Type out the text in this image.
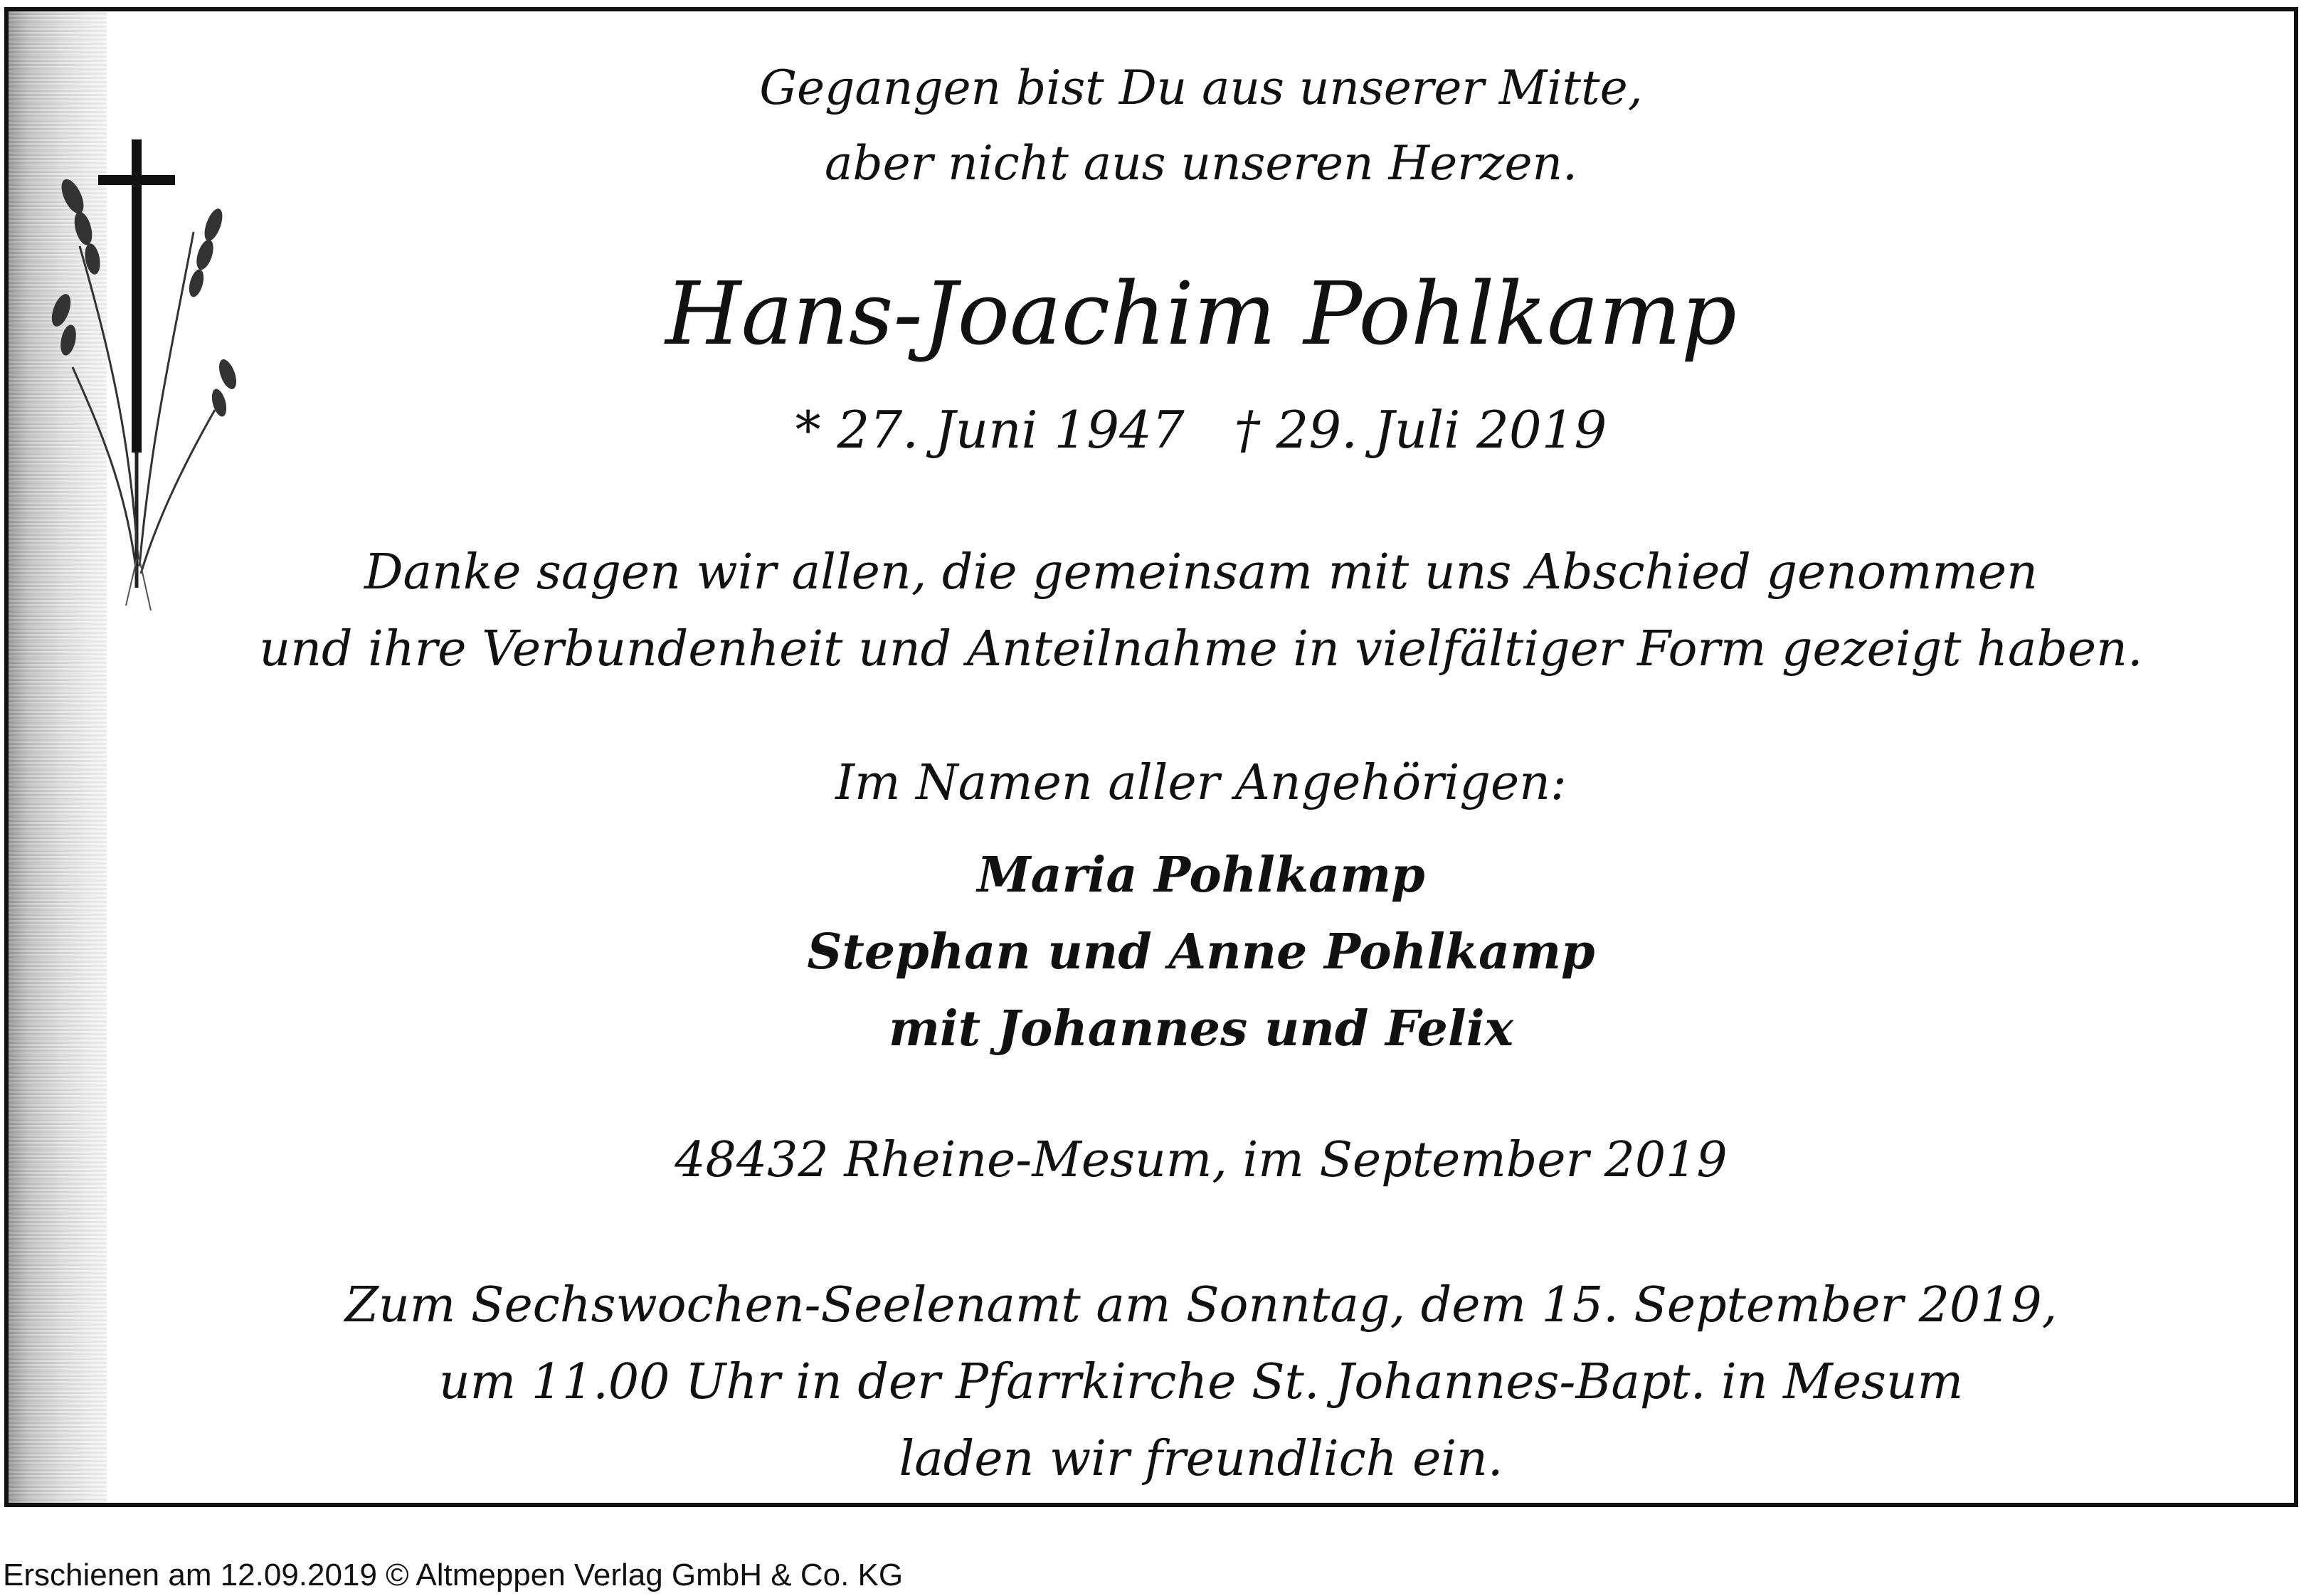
Gegangen bist Du aus unserer Mitte,
aber nicht aus unseren Herzen.
Hans-Joachim Pohlkamp
* 27. Juni 1947 † 29. Juli 2019
Danke sagen wir allen, die gemeinsam mit uns Abschied genommen
und ihre Verbundenheit und Anteilnahme in vielfältiger Form gezeigt haben.
Im Namen aller Angehörigen:
Maria Pohlkamp
Stephan und Anne Pohlkamp
mit Johannes und Felix
48432 Rheine-Mesum, im September 2019
Zum Sechswochen-Seelenamt am Sonntag, dem 15. September 2019,
um 11.00 Uhr in der Pfarrkirche St. Johannes-Bapt. in Mesum
laden wir freundlich ein.
Erschienen am 12.09.2019 © Altmeppen Verlag GmbH & Co. KG
